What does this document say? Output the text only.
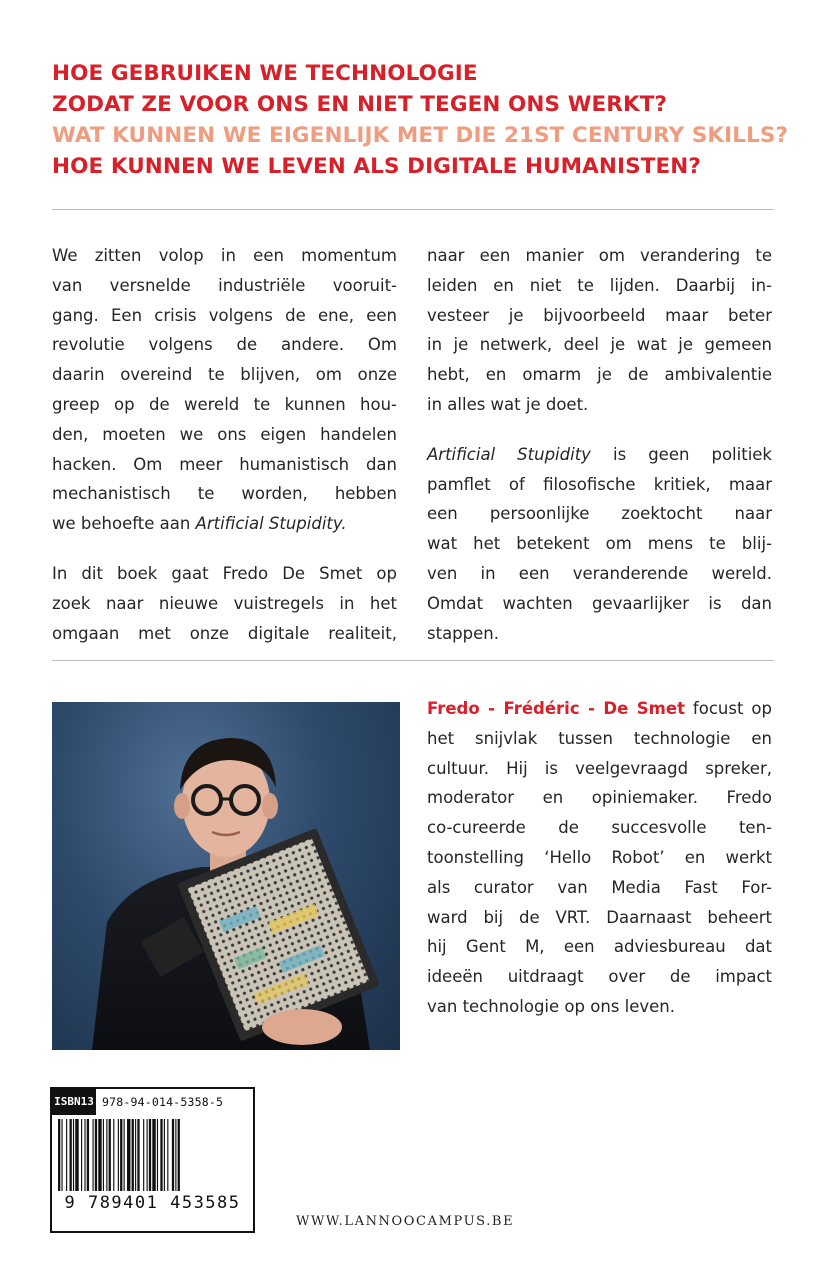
HOE GEBRUIKEN WE TECHNOLOGIE
ZODAT ZE VOOR ONS EN NIET TEGEN ONS WERKT?
WAT KUNNEN WE EIGENLIJK MET DIE 21ST CENTURY SKILLS?
HOE KUNNEN WE LEVEN ALS DIGITALE HUMANISTEN?

We zitten volop in een momentum
van versnelde industriële vooruit-
gang. Een crisis volgens de ene, een
revolutie volgens de andere. Om
daarin overeind te blijven, om onze
greep op de wereld te kunnen hou-
den, moeten we ons eigen handelen
hacken. Om meer humanistisch dan
mechanistisch te worden, hebben
we behoefte aan Artificial Stupidity.

In dit boek gaat Fredo De Smet op
zoek naar nieuwe vuistregels in het
omgaan met onze digitale realiteit,

naar een manier om verandering te
leiden en niet te lijden. Daarbij in-
vesteer je bijvoorbeeld maar beter
in je netwerk, deel je wat je gemeen
hebt, en omarm je de ambivalentie
in alles wat je doet.

Artificial Stupidity is geen politiek
pamflet of filosofische kritiek, maar
een persoonlijke zoektocht naar
wat het betekent om mens te blij-
ven in een veranderende wereld.
Omdat wachten gevaarlijker is dan
stappen.

Fredo - Frédéric - De Smet focust op
het snijvlak tussen technologie en
cultuur. Hij is veelgevraagd spreker,
moderator en opiniemaker. Fredo
co-cureerde de succesvolle ten-
toonstelling ‘Hello Robot’ en werkt
als curator van Media Fast For-
ward bij de VRT. Daarnaast beheert
hij Gent M, een adviesbureau dat
ideeën uitdraagt over de impact
van technologie op ons leven.
ISBN13 978-94-014-5358-5
9 789401 453585
WWW.LANNOOCAMPUS.BE
